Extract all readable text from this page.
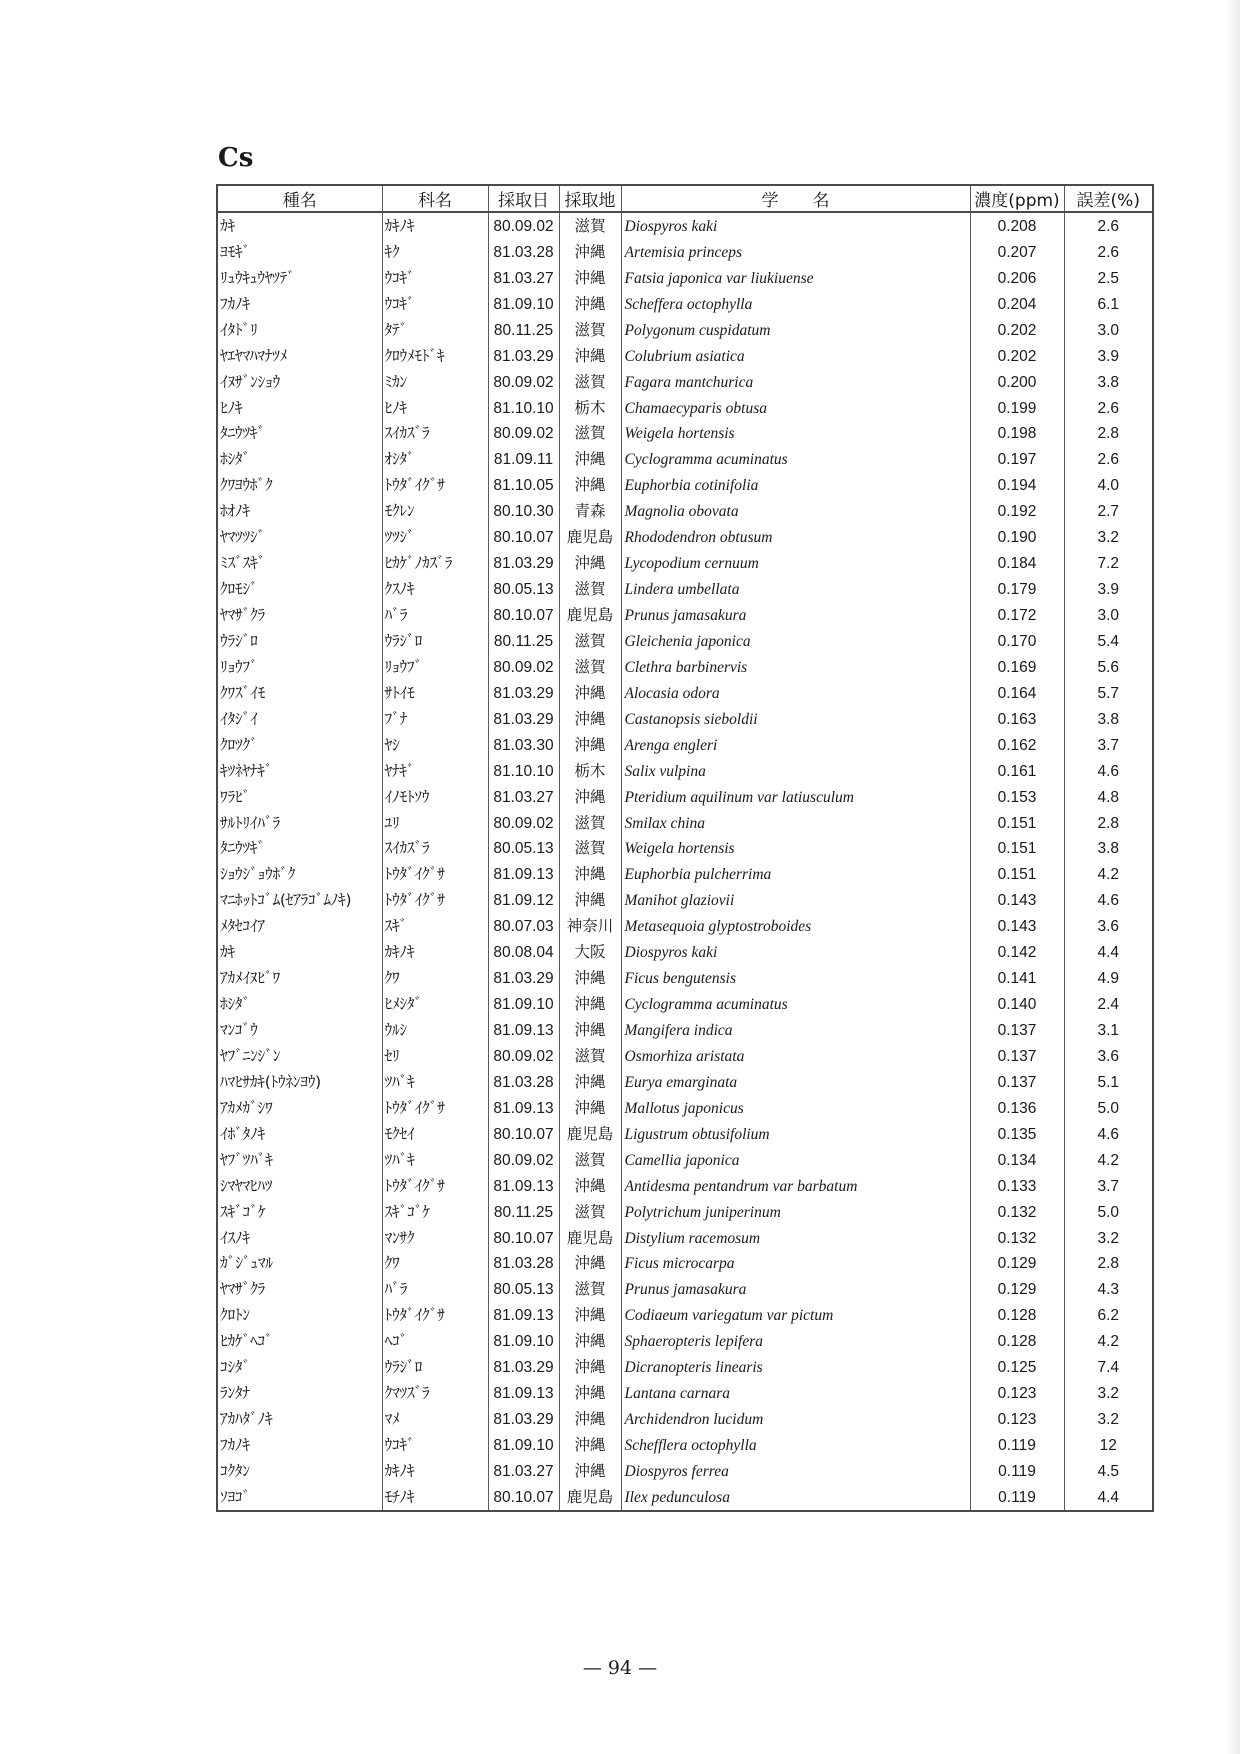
Cs
種名	科名	採取日	採取地	学　　名	濃度(ppm)	誤差(%)
ｶｷ	ｶｷﾉｷ	80.09.02	滋賀	Diospyros kaki	0.208	2.6
ﾖﾓｷﾞ	ｷｸ	81.03.28	沖縄	Artemisia princeps	0.207	2.6
ﾘｭｳｷｭｳﾔﾂﾃﾞ	ｳｺｷﾞ	81.03.27	沖縄	Fatsia japonica var liukiuense	0.206	2.5
ﾌｶﾉｷ	ｳｺｷﾞ	81.09.10	沖縄	Scheffera octophylla	0.204	6.1
ｲﾀﾄﾞﾘ	ﾀﾃﾞ	80.11.25	滋賀	Polygonum cuspidatum	0.202	3.0
ﾔｴﾔﾏﾊﾏﾅﾂﾒ	ｸﾛｳﾒﾓﾄﾞｷ	81.03.29	沖縄	Colubrium asiatica	0.202	3.9
ｲﾇｻﾞﾝｼｮｳ	ﾐｶﾝ	80.09.02	滋賀	Fagara mantchurica	0.200	3.8
ﾋﾉｷ	ﾋﾉｷ	81.10.10	栃木	Chamaecyparis obtusa	0.199	2.6
ﾀﾆｳﾂｷﾞ	ｽｲｶｽﾞﾗ	80.09.02	滋賀	Weigela hortensis	0.198	2.8
ﾎｼﾀﾞ	ｵｼﾀﾞ	81.09.11	沖縄	Cyclogramma acuminatus	0.197	2.6
ｸﾜﾖｳﾎﾞｸ	ﾄｳﾀﾞｲｸﾞｻ	81.10.05	沖縄	Euphorbia cotinifolia	0.194	4.0
ﾎｵﾉｷ	ﾓｸﾚﾝ	80.10.30	青森	Magnolia obovata	0.192	2.7
ﾔﾏﾂﾂｼﾞ	ﾂﾂｼﾞ	80.10.07	鹿児島	Rhododendron obtusum	0.190	3.2
ﾐｽﾞｽｷﾞ	ﾋｶｹﾞﾉｶｽﾞﾗ	81.03.29	沖縄	Lycopodium cernuum	0.184	7.2
ｸﾛﾓｼﾞ	ｸｽﾉｷ	80.05.13	滋賀	Lindera umbellata	0.179	3.9
ﾔﾏｻﾞｸﾗ	ﾊﾞﾗ	80.10.07	鹿児島	Prunus jamasakura	0.172	3.0
ｳﾗｼﾞﾛ	ｳﾗｼﾞﾛ	80.11.25	滋賀	Gleichenia japonica	0.170	5.4
ﾘｮｳﾌﾞ	ﾘｮｳﾌﾞ	80.09.02	滋賀	Clethra barbinervis	0.169	5.6
ｸﾜｽﾞｲﾓ	ｻﾄｲﾓ	81.03.29	沖縄	Alocasia odora	0.164	5.7
ｲﾀｼﾞｲ	ﾌﾞﾅ	81.03.29	沖縄	Castanopsis sieboldii	0.163	3.8
ｸﾛﾂｸﾞ	ﾔｼ	81.03.30	沖縄	Arenga engleri	0.162	3.7
ｷﾂﾈﾔﾅｷﾞ	ﾔﾅｷﾞ	81.10.10	栃木	Salix vulpina	0.161	4.6
ﾜﾗﾋﾞ	ｲﾉﾓﾄｿｳ	81.03.27	沖縄	Pteridium aquilinum var latiusculum	0.153	4.8
ｻﾙﾄﾘｲﾊﾞﾗ	ﾕﾘ	80.09.02	滋賀	Smilax china	0.151	2.8
ﾀﾆｳﾂｷﾞ	ｽｲｶｽﾞﾗ	80.05.13	滋賀	Weigela hortensis	0.151	3.8
ｼｮｳｼﾞｮｳﾎﾞｸ	ﾄｳﾀﾞｲｸﾞｻ	81.09.13	沖縄	Euphorbia pulcherrima	0.151	4.2
ﾏﾆﾎｯﾄｺﾞﾑ(ｾｱﾗｺﾞﾑﾉｷ)	ﾄｳﾀﾞｲｸﾞｻ	81.09.12	沖縄	Manihot glaziovii	0.143	4.6
ﾒﾀｾｺｲｱ	ｽｷﾞ	80.07.03	神奈川	Metasequoia glyptostroboides	0.143	3.6
ｶｷ	ｶｷﾉｷ	80.08.04	大阪	Diospyros kaki	0.142	4.4
ｱｶﾒｲﾇﾋﾞﾜ	ｸﾜ	81.03.29	沖縄	Ficus bengutensis	0.141	4.9
ﾎｼﾀﾞ	ﾋﾒｼﾀﾞ	81.09.10	沖縄	Cyclogramma acuminatus	0.140	2.4
ﾏﾝｺﾞｳ	ｳﾙｼ	81.09.13	沖縄	Mangifera indica	0.137	3.1
ﾔﾌﾞﾆﾝｼﾞﾝ	ｾﾘ	80.09.02	滋賀	Osmorhiza aristata	0.137	3.6
ﾊﾏﾋｻｶｷ(ﾄｳﾈﾝﾖｳ)	ﾂﾊﾞｷ	81.03.28	沖縄	Eurya emarginata	0.137	5.1
ｱｶﾒｶﾞｼﾜ	ﾄｳﾀﾞｲｸﾞｻ	81.09.13	沖縄	Mallotus japonicus	0.136	5.0
ｲﾎﾞﾀﾉｷ	ﾓｸｾｲ	80.10.07	鹿児島	Ligustrum obtusifolium	0.135	4.6
ﾔﾌﾞﾂﾊﾞｷ	ﾂﾊﾞｷ	80.09.02	滋賀	Camellia japonica	0.134	4.2
ｼﾏﾔﾏﾋﾊﾂ	ﾄｳﾀﾞｲｸﾞｻ	81.09.13	沖縄	Antidesma pentandrum var barbatum	0.133	3.7
ｽｷﾞｺﾞｹ	ｽｷﾞｺﾞｹ	80.11.25	滋賀	Polytrichum juniperinum	0.132	5.0
ｲｽﾉｷ	ﾏﾝｻｸ	80.10.07	鹿児島	Distylium racemosum	0.132	3.2
ｶﾞｼﾞｭﾏﾙ	ｸﾜ	81.03.28	沖縄	Ficus microcarpa	0.129	2.8
ﾔﾏｻﾞｸﾗ	ﾊﾞﾗ	80.05.13	滋賀	Prunus jamasakura	0.129	4.3
ｸﾛﾄﾝ	ﾄｳﾀﾞｲｸﾞｻ	81.09.13	沖縄	Codiaeum variegatum var pictum	0.128	6.2
ﾋｶｹﾞﾍｺﾞ	ﾍｺﾞ	81.09.10	沖縄	Sphaeropteris lepifera	0.128	4.2
ｺｼﾀﾞ	ｳﾗｼﾞﾛ	81.03.29	沖縄	Dicranopteris linearis	0.125	7.4
ﾗﾝﾀﾅ	ｸﾏﾂｽﾞﾗ	81.09.13	沖縄	Lantana carnara	0.123	3.2
ｱｶﾊﾀﾞﾉｷ	ﾏﾒ	81.03.29	沖縄	Archidendron lucidum	0.123	3.2
ﾌｶﾉｷ	ｳｺｷﾞ	81.09.10	沖縄	Schefflera octophylla	0.119	12
ｺｸﾀﾝ	ｶｷﾉｷ	81.03.27	沖縄	Diospyros ferrea	0.119	4.5
ｿﾖｺﾞ	ﾓﾁﾉｷ	80.10.07	鹿児島	Ilex pedunculosa	0.119	4.4
— 94 —
